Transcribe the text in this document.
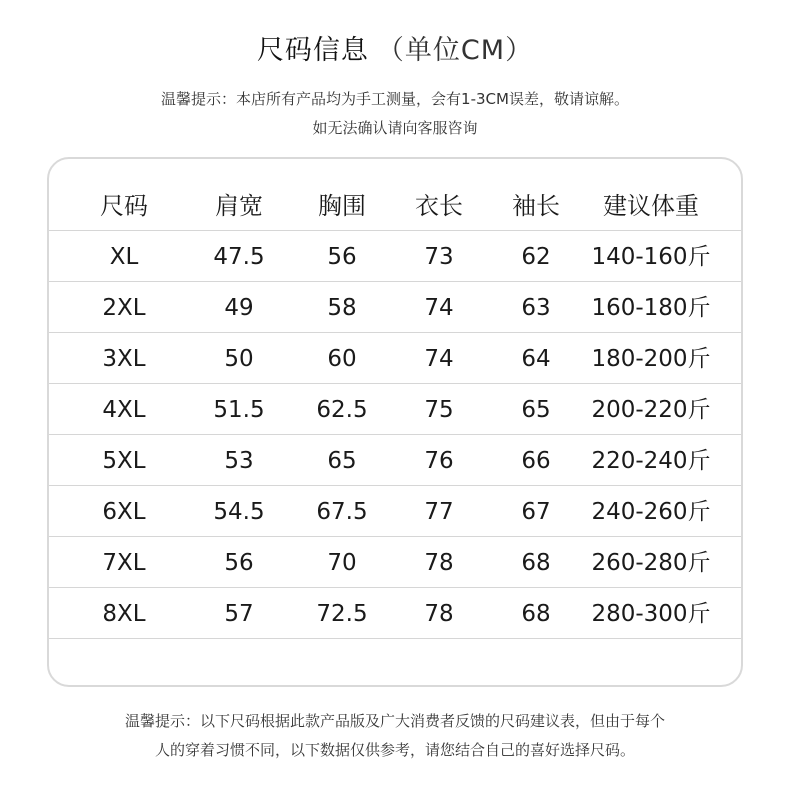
尺码信息 （单位CM）
温馨提示：本店所有产品均为手工测量，会有1-3CM误差，敬请谅解。
如无法确认请向客服咨询
尺码	肩宽	胸围	衣长	袖长	建议体重
XL	47.5	56	73	62	140-160斤
2XL	49	58	74	63	160-180斤
3XL	50	60	74	64	180-200斤
4XL	51.5	62.5	75	65	200-220斤
5XL	53	65	76	66	220-240斤
6XL	54.5	67.5	77	67	240-260斤
7XL	56	70	78	68	260-280斤
8XL	57	72.5	78	68	280-300斤
温馨提示：以下尺码根据此款产品版及广大消费者反馈的尺码建议表，但由于每个
人的穿着习惯不同，以下数据仅供参考，请您结合自己的喜好选择尺码。
